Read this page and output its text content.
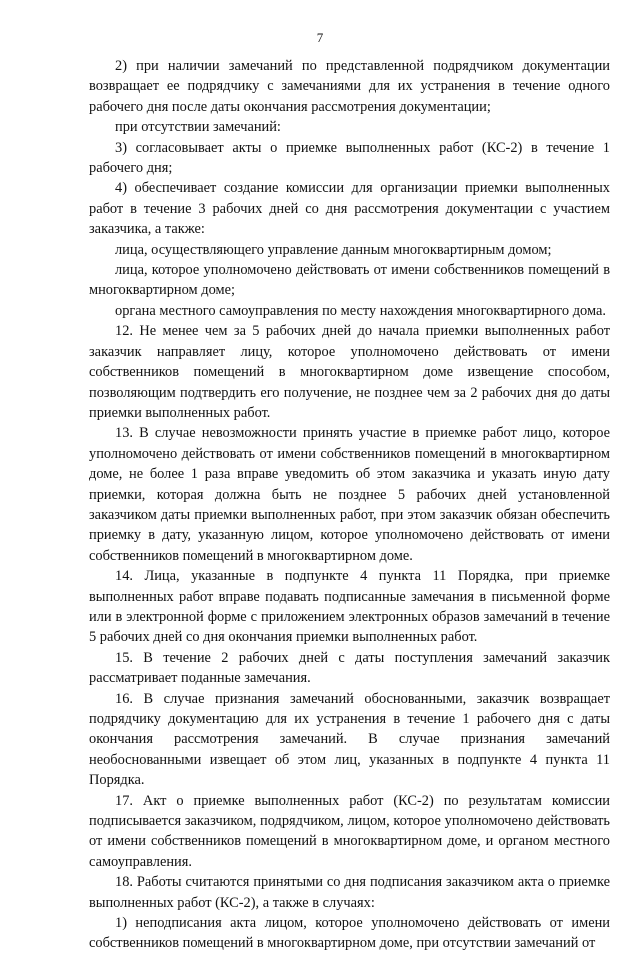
7

2) при наличии замечаний по представленной подрядчиком документации возвращает ее подрядчику с замечаниями для их устранения в течение одного рабочего дня после даты окончания рассмотрения документации;

при отсутствии замечаний:

3) согласовывает акты о приемке выполненных работ (КС-2) в течение 1 рабочего дня;

4) обеспечивает создание комиссии для организации приемки выполненных работ в течение 3 рабочих дней со дня рассмотрения документации с участием заказчика, а также:

лица, осуществляющего управление данным многоквартирным домом;

лица, которое уполномочено действовать от имени собственников помещений в многоквартирном доме;

органа местного самоуправления по месту нахождения многоквартирного дома.

12. Не менее чем за 5 рабочих дней до начала приемки выполненных работ заказчик направляет лицу, которое уполномочено действовать от имени собственников помещений в многоквартирном доме извещение способом, позволяющим подтвердить его получение, не позднее чем за 2 рабочих дня до даты приемки выполненных работ.

13. В случае невозможности принять участие в приемке работ лицо, которое уполномочено действовать от имени собственников помещений в многоквартирном доме, не более 1 раза вправе уведомить об этом заказчика и указать иную дату приемки, которая должна быть не позднее 5 рабочих дней установленной заказчиком даты приемки выполненных работ, при этом заказчик обязан обеспечить приемку в дату, указанную лицом, которое уполномочено действовать от имени собственников помещений в многоквартирном доме.

14. Лица, указанные в подпункте 4 пункта 11 Порядка, при приемке выполненных работ вправе подавать подписанные замечания в письменной форме или в электронной форме с приложением электронных образов замечаний в течение 5 рабочих дней со дня окончания приемки выполненных работ.

15. В течение 2 рабочих дней с даты поступления замечаний заказчик рассматривает поданные замечания.

16. В случае признания замечаний обоснованными, заказчик возвращает подрядчику документацию для их устранения в течение 1 рабочего дня с даты окончания рассмотрения замечаний. В случае признания замечаний необоснованными извещает об этом лиц, указанных в подпункте 4 пункта 11 Порядка.

17. Акт о приемке выполненных работ (КС-2) по результатам комиссии подписывается заказчиком, подрядчиком, лицом, которое уполномочено действовать от имени собственников помещений в многоквартирном доме, и органом местного самоуправления.

18. Работы считаются принятыми со дня подписания заказчиком акта о приемке выполненных работ (КС-2), а также в случаях:

1) неподписания акта лицом, которое уполномочено действовать от имени собственников помещений в многоквартирном доме, при отсутствии замечаний от
